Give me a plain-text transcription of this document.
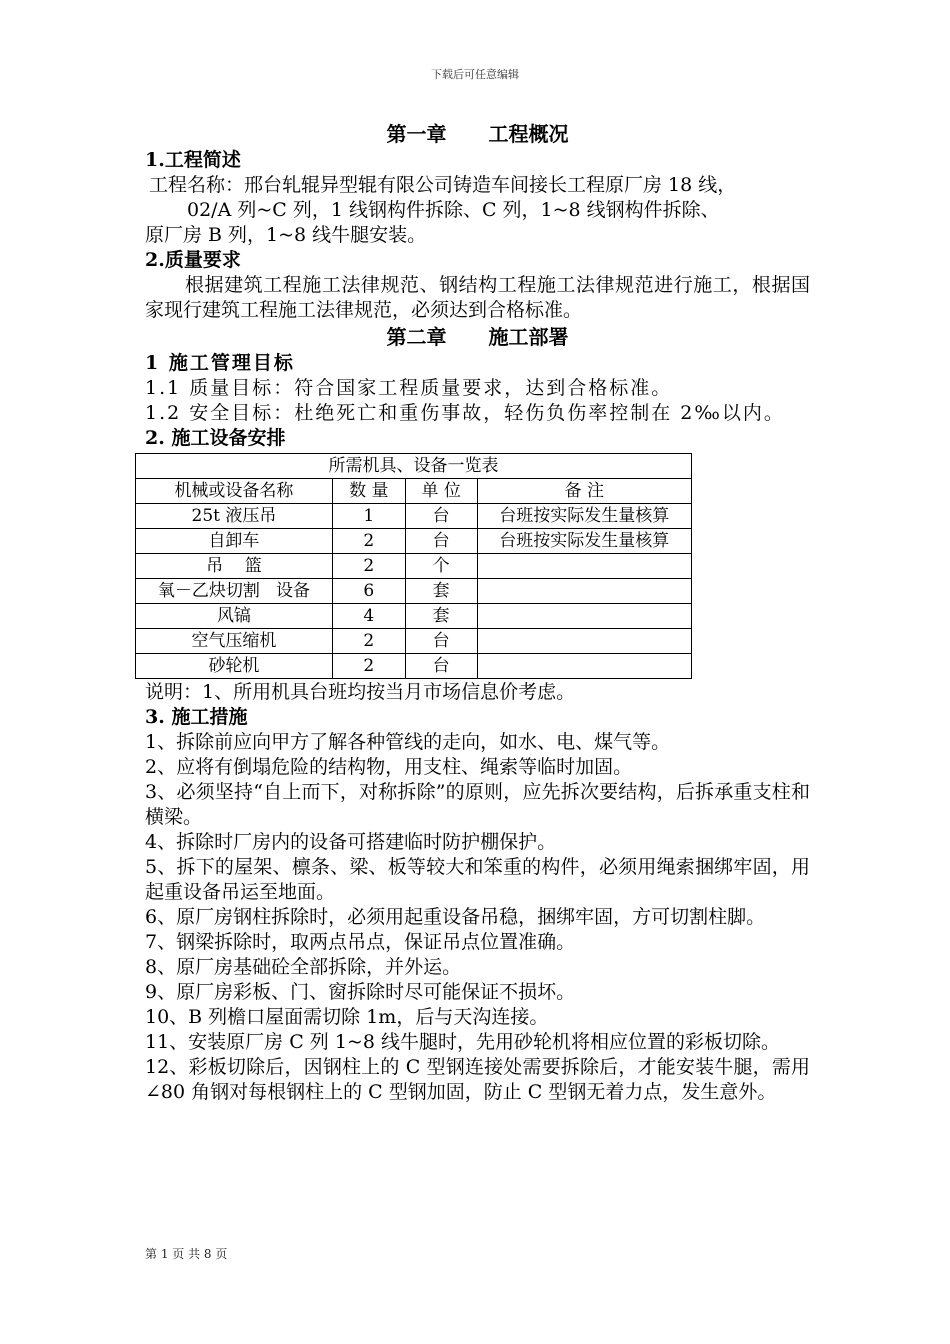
下载后可任意编辑
第一章 工程概况
1.工程简述
工程名称：邢台轧辊异型辊有限公司铸造车间接长工程原厂房 18 线，
02/A 列~C 列，1 线钢构件拆除、C 列，1~8 线钢构件拆除、
原厂房 B 列，1~8 线牛腿安装。
2.质量要求
根据建筑工程施工法律规范、钢结构工程施工法律规范进行施工，根据国家现行建筑工程施工法律规范，必须达到合格标准。
第二章 施工部署
1 施工管理目标
1.1 质量目标：符合国家工程质量要求，达到合格标准。
1.2 安全目标：杜绝死亡和重伤事故，轻伤负伤率控制在 2‰以内。
2. 施工设备安排
所需机具、设备一览表			
机械或设备名称	数 量	单 位	备 注
25t 液压吊	1	台	台班按实际发生量核算
自卸车	2	台	台班按实际发生量核算
吊    篮	2	个	
氧－乙炔切割   设备	6	套	
风镐	4	套	
空气压缩机	2	台	
砂轮机	2	台	
说明：1、所用机具台班均按当月市场信息价考虑。
3. 施工措施
1、拆除前应向甲方了解各种管线的走向，如水、电、煤气等。
2、应将有倒塌危险的结构物，用支柱、绳索等临时加固。
3、必须坚持“自上而下，对称拆除”的原则，应先拆次要结构，后拆承重支柱和横梁。
4、拆除时厂房内的设备可搭建临时防护棚保护。
5、拆下的屋架、檩条、梁、板等较大和笨重的构件，必须用绳索捆绑牢固，用起重设备吊运至地面。
6、原厂房钢柱拆除时，必须用起重设备吊稳，捆绑牢固，方可切割柱脚。
7、钢梁拆除时，取两点吊点，保证吊点位置准确。
8、原厂房基础砼全部拆除，并外运。
9、原厂房彩板、门、窗拆除时尽可能保证不损坏。
10、B 列檐口屋面需切除 1m，后与天沟连接。
11、安装原厂房 C 列 1~8 线牛腿时，先用砂轮机将相应位置的彩板切除。
12、彩板切除后，因钢柱上的 C 型钢连接处需要拆除后，才能安装牛腿，需用∠80 角钢对每根钢柱上的 C 型钢加固，防止 C 型钢无着力点，发生意外。
第 1 页 共 8 页
